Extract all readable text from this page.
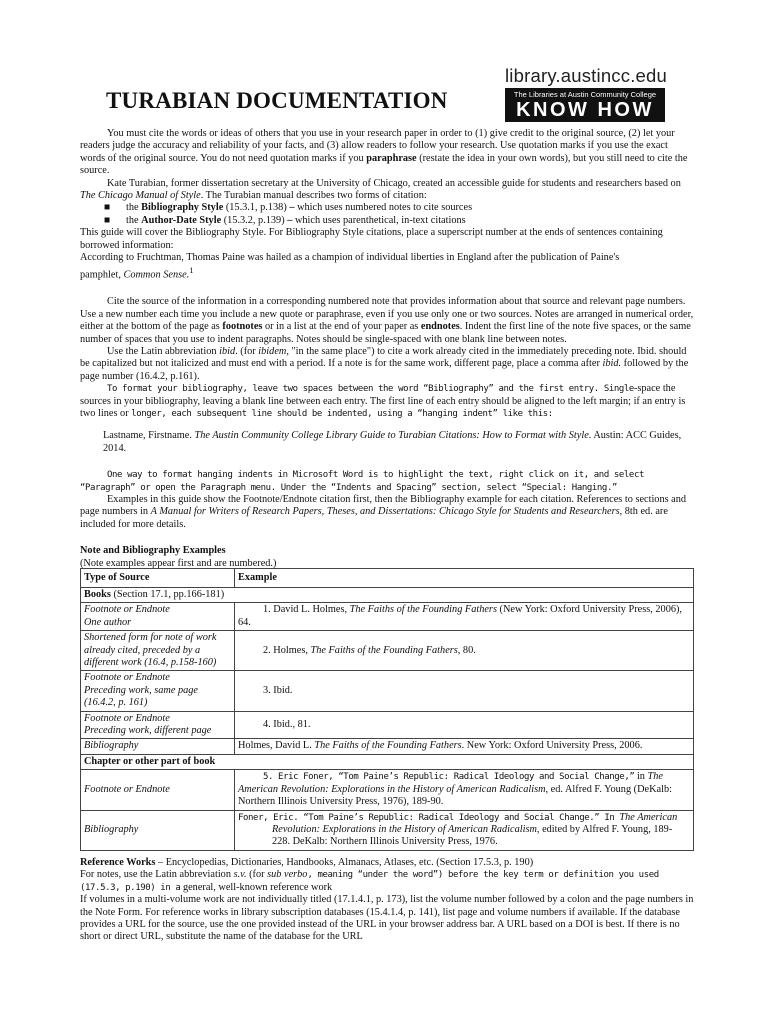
TURABIAN DOCUMENTATION
library.austincc.edu
The Libraries at Austin Community College
KNOW HOW

You must cite the words or ideas of others that you use in your research paper in order to (1) give credit to the original source, (2) let your readers judge the accuracy and reliability of your facts, and (3) allow readers to follow your research. Use quotation marks if you use the exact words of the original source. You do not need quotation marks if you paraphrase (restate the idea in your own words), but you still need to cite the source.

Kate Turabian, former dissertation secretary at the University of Chicago, created an accessible guide for students and researchers based on The Chicago Manual of Style. The Turabian manual describes two forms of citation:

■ the Bibliography Style (15.3.1, p.138) – which uses numbered notes to cite sources
■ the Author-Date Style (15.3.2, p.139) – which uses parenthetical, in-text citations

This guide will cover the Bibliography Style. For Bibliography Style citations, place a superscript number at the ends of sentences containing borrowed information:

According to Fruchtman, Thomas Paine was hailed as a champion of individual liberties in England after the publication of Paine's pamphlet, Common Sense.$^1$

Cite the source of the information in a corresponding numbered note that provides information about that source and relevant page numbers. Use a new number each time you include a new quote or paraphrase, even if you use only one or two sources. Notes are arranged in numerical order, either at the bottom of the page as footnotes or in a list at the end of your paper as endnotes. Indent the first line of the note five spaces, or the same number of spaces that you use to indent paragraphs. Notes should be single-spaced with one blank line between notes.

Use the Latin abbreviation ibid. (for ibidem, "in the same place") to cite a work already cited in the immediately preceding note. Ibid. should be capitalized but not italicized and must end with a period. If a note is for the same work, different page, place a comma after ibid. followed by the page number (16.4.2, p.161).

To format your bibliography, leave two spaces between the word “Bibliography” and the first entry. Single-space the sources in your bibliography, leaving a blank line between each entry. The first line of each entry should be aligned to the left margin; if an entry is two lines or longer, each subsequent line should be indented, using a “hanging indent” like this:

Lastname, Firstname. The Austin Community College Library Guide to Turabian Citations: How to Format with Style. Austin: ACC Guides, 2014.

One way to format hanging indents in Microsoft Word is to highlight the text, right click on it, and select “Paragraph” or open the Paragraph menu. Under the “Indents and Spacing” section, select “Special: Hanging.”

Examples in this guide show the Footnote/Endnote citation first, then the Bibliography example for each citation. References to sections and page numbers in A Manual for Writers of Research Papers, Theses, and Dissertations: Chicago Style for Students and Researchers, 8th ed. are included for more details.

Note and Bibliography Examples

(Note examples appear first and are numbered.)

Type of Source	Example
Books (Section 17.1, pp.166-181)	
Footnote or Endnote
One author	1. David L. Holmes, The Faiths of the Founding Fathers (New York: Oxford University Press, 2006), 64.

Shortened form for note of work already cited, preceded by a different work (16.4, p.158-160)	2. Holmes, The Faiths of the Founding Fathers, 80.

Footnote or Endnote
Preceding work, same page
(16.4.2, p. 161)	3. Ibid.

Footnote or Endnote
Preceding work, different page	4. Ibid., 81.

Bibliography	Holmes, David L. The Faiths of the Founding Fathers. New York: Oxford University Press, 2006.
Chapter or other part of book	
Footnote or Endnote	5. Eric Foner, “Tom Paine’s Republic: Radical Ideology and Social Change,” in The American Revolution: Explorations in the History of American Radicalism, ed. Alfred F. Young (DeKalb: Northern Illinois University Press, 1976), 189-90.

Bibliography	Foner, Eric. “Tom Paine’s Republic: Radical Ideology and Social Change.” In The American Revolution: Explorations in the History of American Radicalism, edited by Alfred F. Young, 189-228. DeKalb: Northern Illinois University Press, 1976.

Reference Works – Encyclopedias, Dictionaries, Handbooks, Almanacs, Atlases, etc. (Section 17.5.3, p. 190)

For notes, use the Latin abbreviation s.v. (for sub verbo, meaning “under the word”) before the key term or definition you used (17.5.3, p.190) in a general, well-known reference work

If volumes in a multi-volume work are not individually titled (17.1.4.1, p. 173), list the volume number followed by a colon and the page numbers in the Note Form. For reference works in library subscription databases (15.4.1.4, p. 141), list page and volume numbers if available. If the database provides a URL for the source, use the one provided instead of the URL in your browser address bar. A URL based on a DOI is best. If there is no short or direct URL, substitute the name of the database for the URL
